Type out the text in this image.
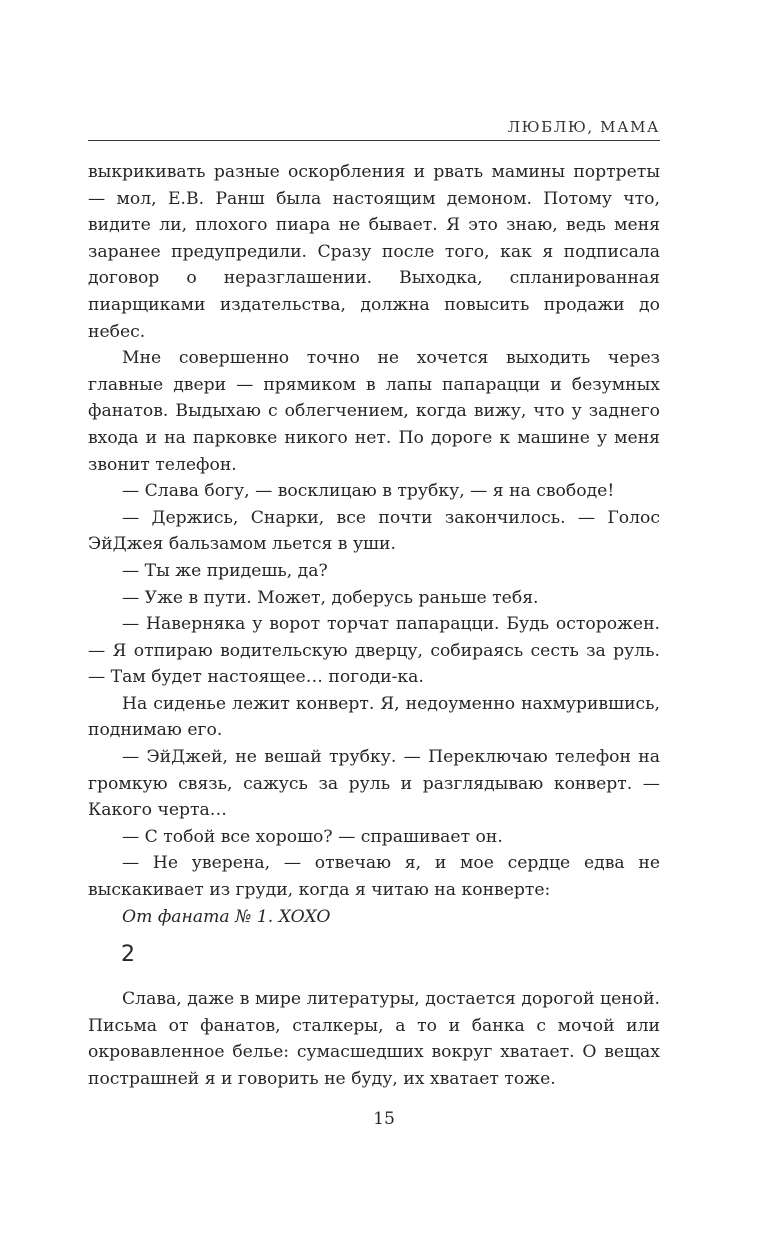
ЛЮБЛЮ, МАМА

выкрикивать разные оскорбления и рвать мамины портреты — мол, Е.В. Ранш была настоящим демоном. Потому что, видите ли, плохого пиара не бывает. Я это знаю, ведь меня заранее предупредили. Сразу после того, как я подписала договор о неразглашении. Выходка, спланированная пиарщиками издательства, должна повысить продажи до небес.

Мне совершенно точно не хочется выходить через главные двери — прямиком в лапы папарацци и безумных фанатов. Выдыхаю с облегчением, когда вижу, что у заднего входа и на парковке никого нет. По дороге к машине у меня звонит телефон.

— Слава богу, — восклицаю в трубку, — я на свободе!

— Держись, Снарки, все почти закончилось. — Голос ЭйДжея бальзамом льется в уши.

— Ты же придешь, да?

— Уже в пути. Может, доберусь раньше тебя.

— Наверняка у ворот торчат папарацци. Будь осторожен. — Я отпираю водительскую дверцу, собираясь сесть за руль. — Там будет настоящее… погоди-ка.

На сиденье лежит конверт. Я, недоуменно нахмурившись, поднимаю его.

— ЭйДжей, не вешай трубку. — Переключаю телефон на громкую связь, сажусь за руль и разглядываю конверт. — Какого черта…

— С тобой все хорошо? — спрашивает он.

— Не уверена, — отвечаю я, и мое сердце едва не выскакивает из груди, когда я читаю на конверте:

От фаната № 1. XOXO

2

Слава, даже в мире литературы, достается дорогой ценой. Письма от фанатов, сталкеры, а то и банка с мочой или окровавленное белье: сумасшедших вокруг хватает. О вещах пострашней я и говорить не буду, их хватает тоже.

15
